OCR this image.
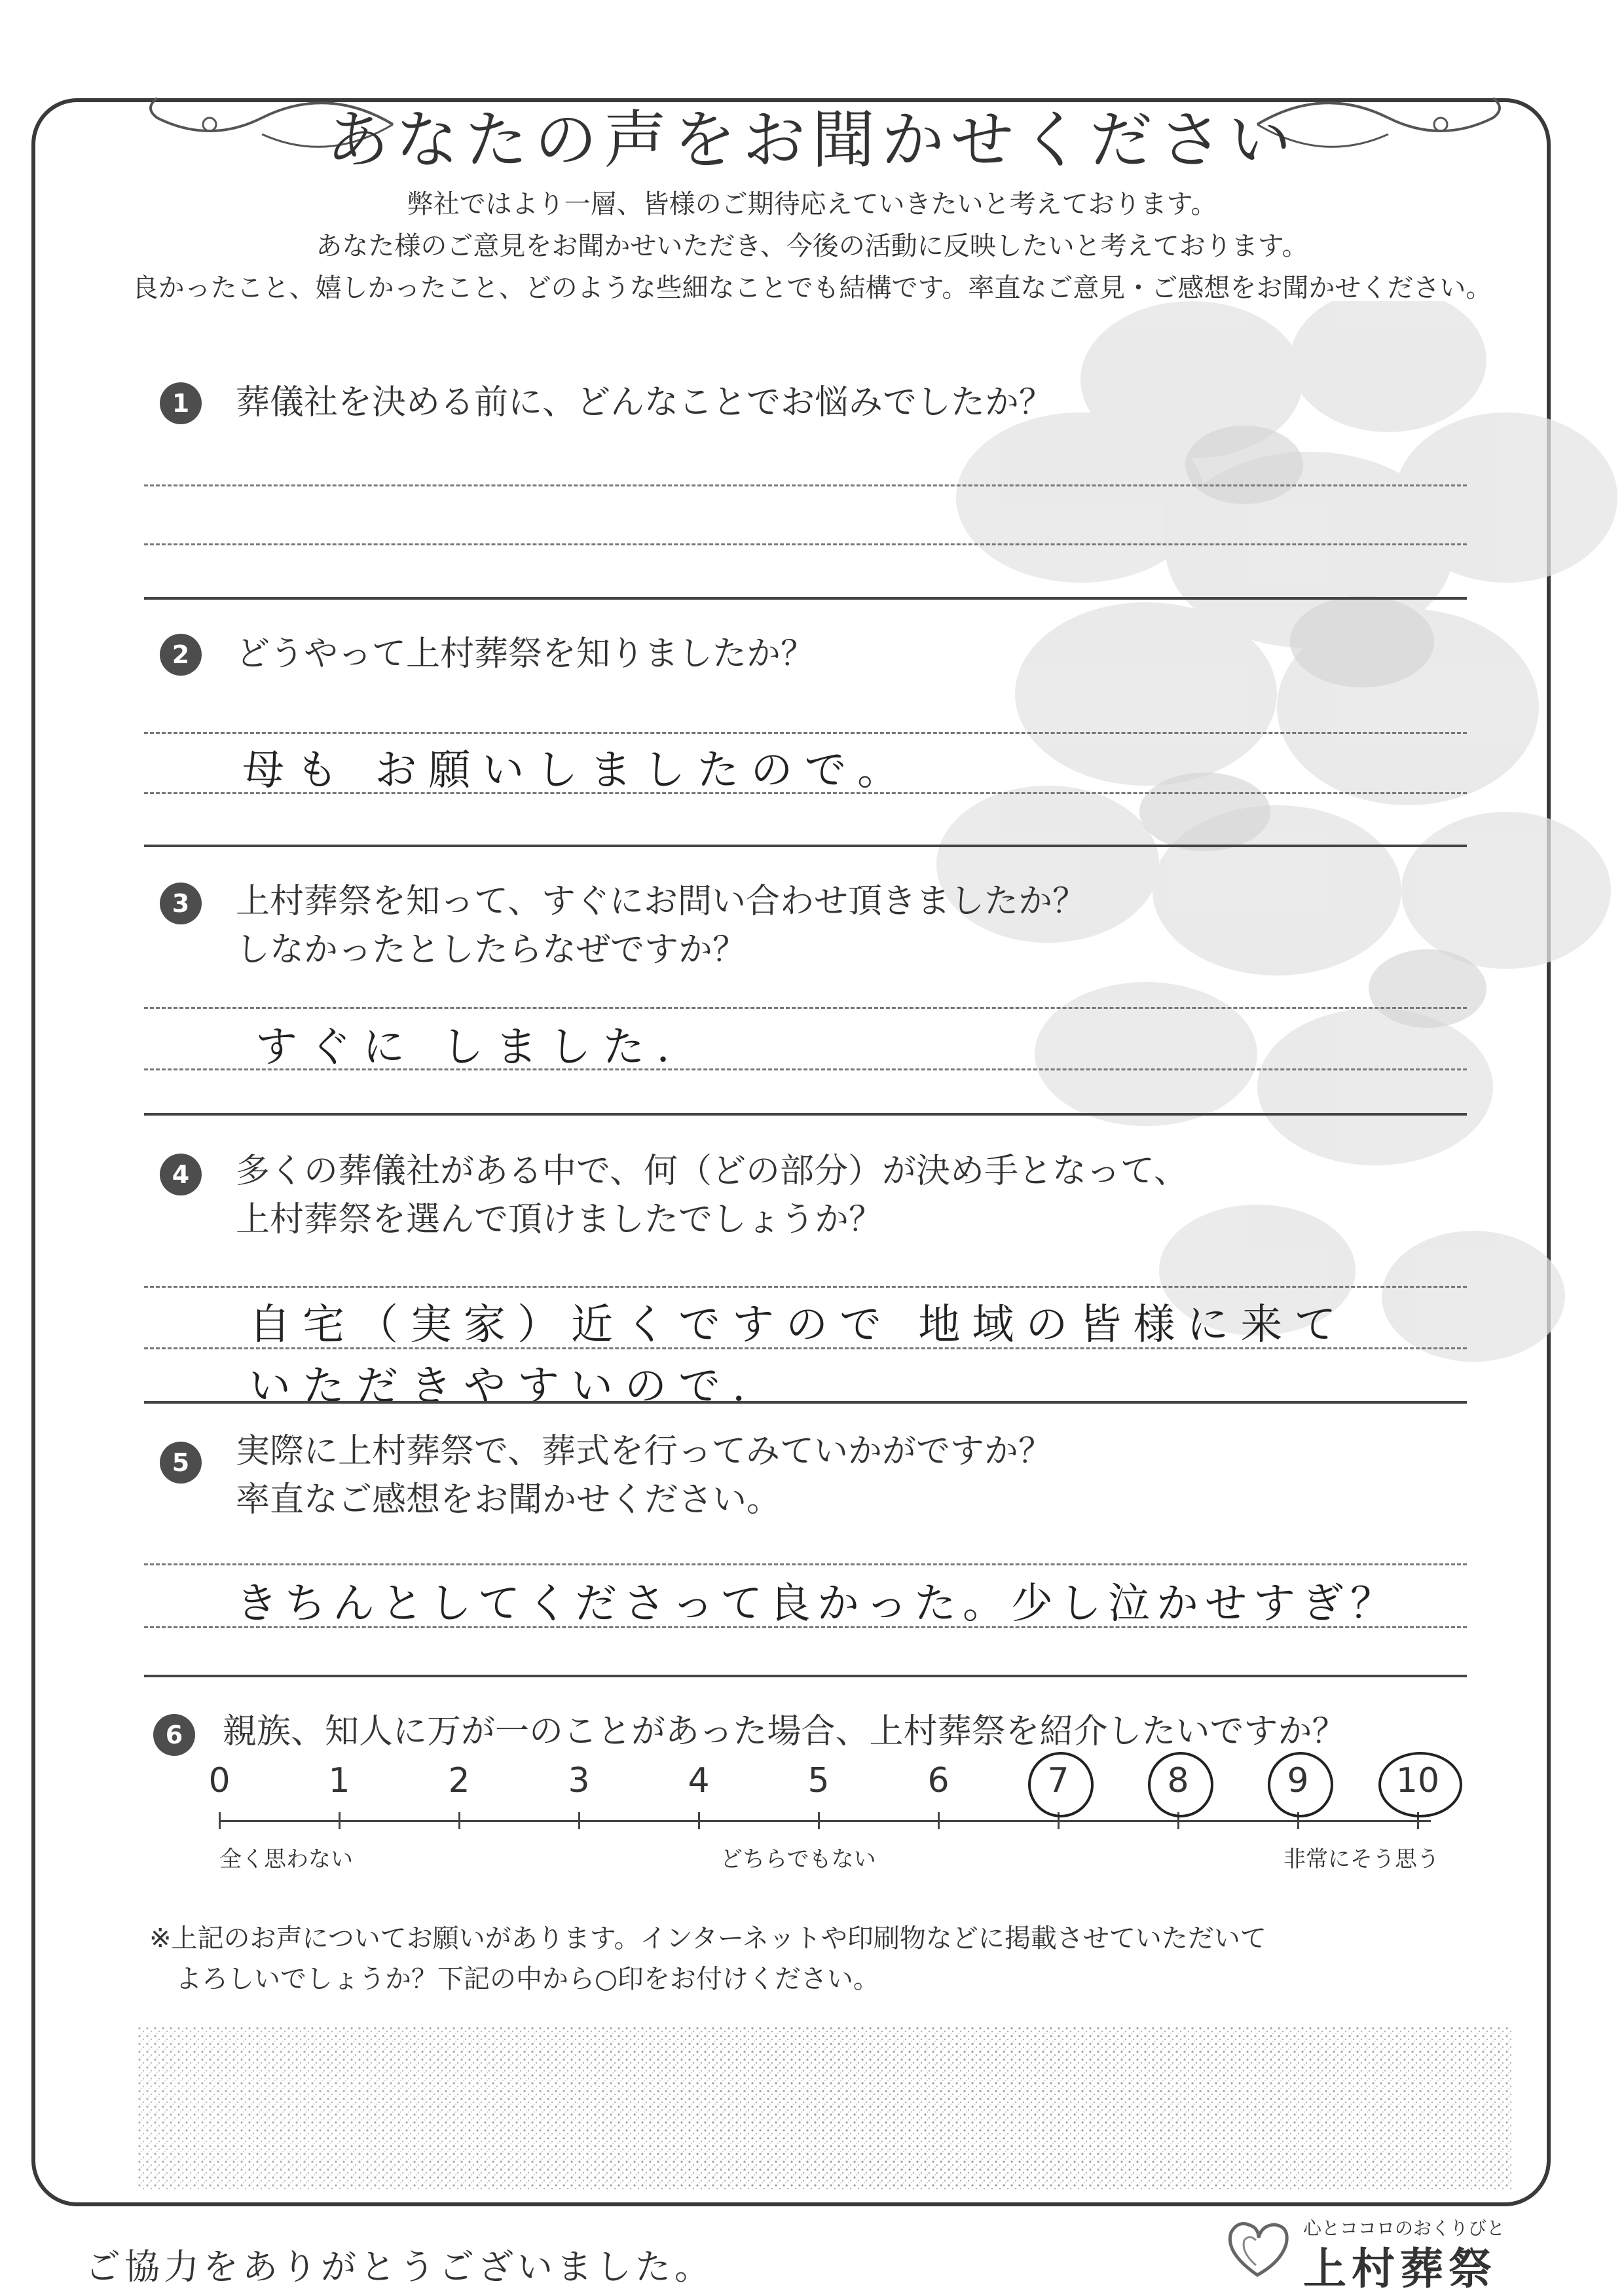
あなたの声をお聞かせください
弊社ではより一層、皆様のご期待応えていきたいと考えております。
あなた様のご意見をお聞かせいただき、今後の活動に反映したいと考えております。
良かったこと、嬉しかったこと、どのような些細なことでも結構です。率直なご意見・ご感想をお聞かせください。
1	葬儀社を決める前に、どんなことでお悩みでしたか？
2	どうやって上村葬祭を知りましたか？
母も お願いしましたので。
3	上村葬祭を知って、すぐにお問い合わせ頂きましたか？
しなかったとしたらなぜですか？
すぐに しました.
4	多くの葬儀社がある中で、何（どの部分）が決め手となって、
上村葬祭を選んで頂けましたでしょうか？
自宅（実家）近くですので 地域の皆様に来て
いただきやすいので.
5	実際に上村葬祭で、葬式を行ってみていかがですか？
率直なご感想をお聞かせください。
きちんとしてくださって良かった。少し泣かせすぎ？
6	親族、知人に万が一のことがあった場合、上村葬祭を紹介したいですか？
0	1	2	3	4	5	6	7	8	9	10
全く思わない	どちらでもない	非常にそう思う
※上記のお声についてお願いがあります。インターネットや印刷物などに掲載させていただいて
よろしいでしょうか？下記の中から○印をお付けください。
ご協力をありがとうございました。
心とココロのおくりびと
上村葬祭
